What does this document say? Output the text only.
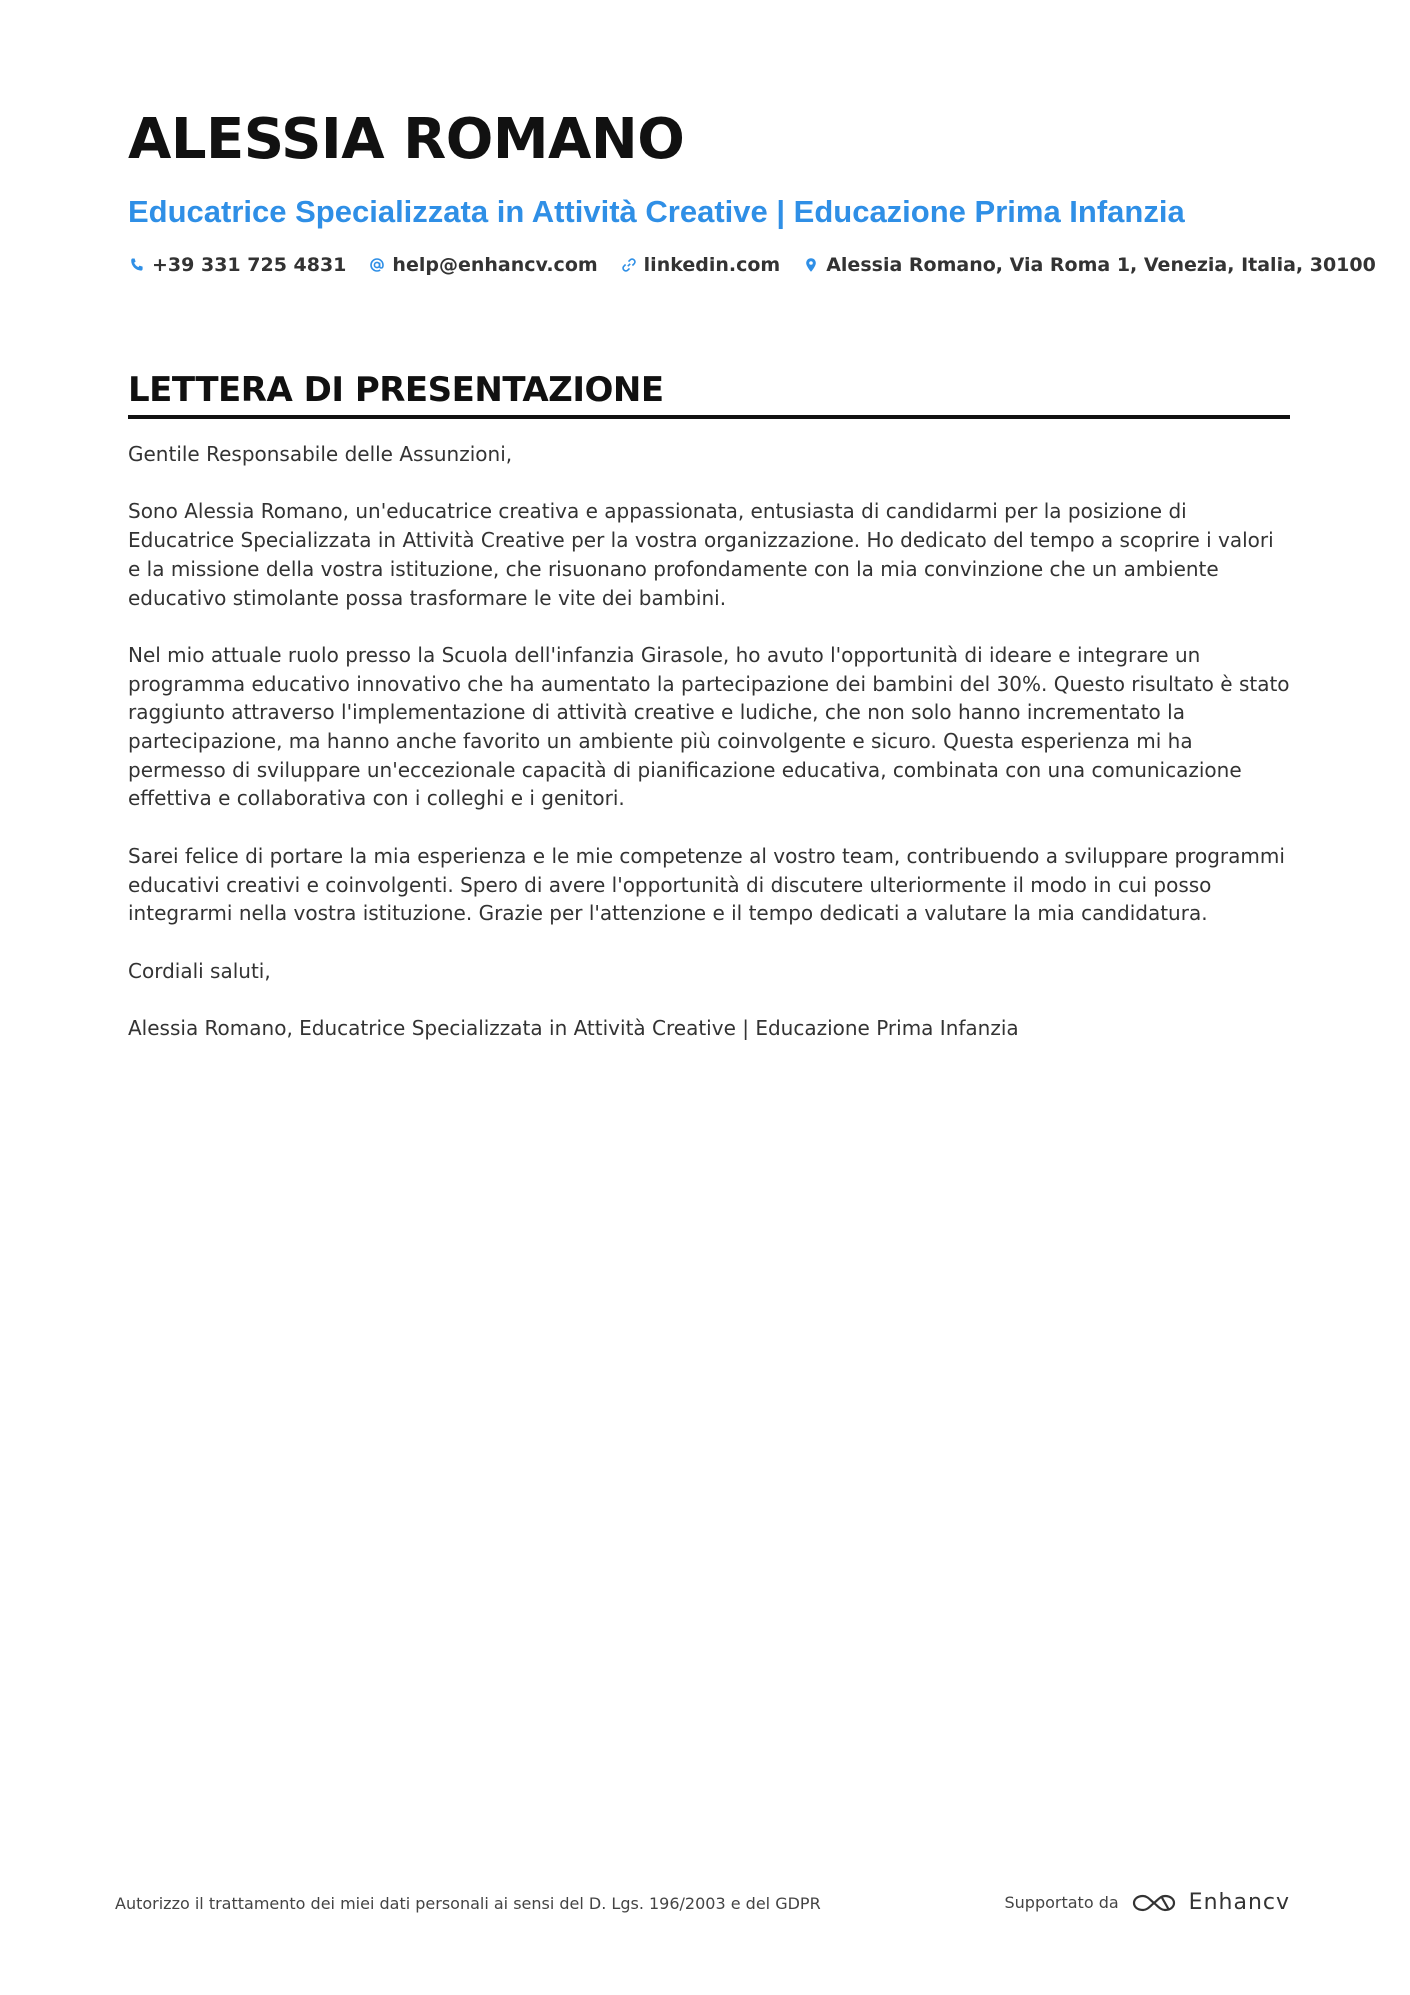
ALESSIA ROMANO
Educatrice Specializzata in Attività Creative | Educazione Prima Infanzia
+39 331 725 4831 help@enhancv.com linkedin.com Alessia Romano, Via Roma 1, Venezia, Italia, 30100
LETTERA DI PRESENTAZIONE

Gentile Responsabile delle Assunzioni,

Sono Alessia Romano, un'educatrice creativa e appassionata, entusiasta di candidarmi per la posizione di Educatrice Specializzata in Attività Creative per la vostra organizzazione. Ho dedicato del tempo a scoprire i valori e la missione della vostra istituzione, che risuonano profondamente con la mia convinzione che un ambiente educativo stimolante possa trasformare le vite dei bambini.

Nel mio attuale ruolo presso la Scuola dell'infanzia Girasole, ho avuto l'opportunità di ideare e integrare un programma educativo innovativo che ha aumentato la partecipazione dei bambini del 30%. Questo risultato è stato raggiunto attraverso l'implementazione di attività creative e ludiche, che non solo hanno incrementato la partecipazione, ma hanno anche favorito un ambiente più coinvolgente e sicuro. Questa esperienza mi ha permesso di sviluppare un'eccezionale capacità di pianificazione educativa, combinata con una comunicazione effettiva e collaborativa con i colleghi e i genitori.

Sarei felice di portare la mia esperienza e le mie competenze al vostro team, contribuendo a sviluppare programmi educativi creativi e coinvolgenti. Spero di avere l'opportunità di discutere ulteriormente il modo in cui posso integrarmi nella vostra istituzione. Grazie per l'attenzione e il tempo dedicati a valutare la mia candidatura.

Cordiali saluti,

Alessia Romano, Educatrice Specializzata in Attività Creative | Educazione Prima Infanzia

Autorizzo il trattamento dei miei dati personali ai sensi del D. Lgs. 196/2003 e del GDPR	Supportato da	Enhancv
